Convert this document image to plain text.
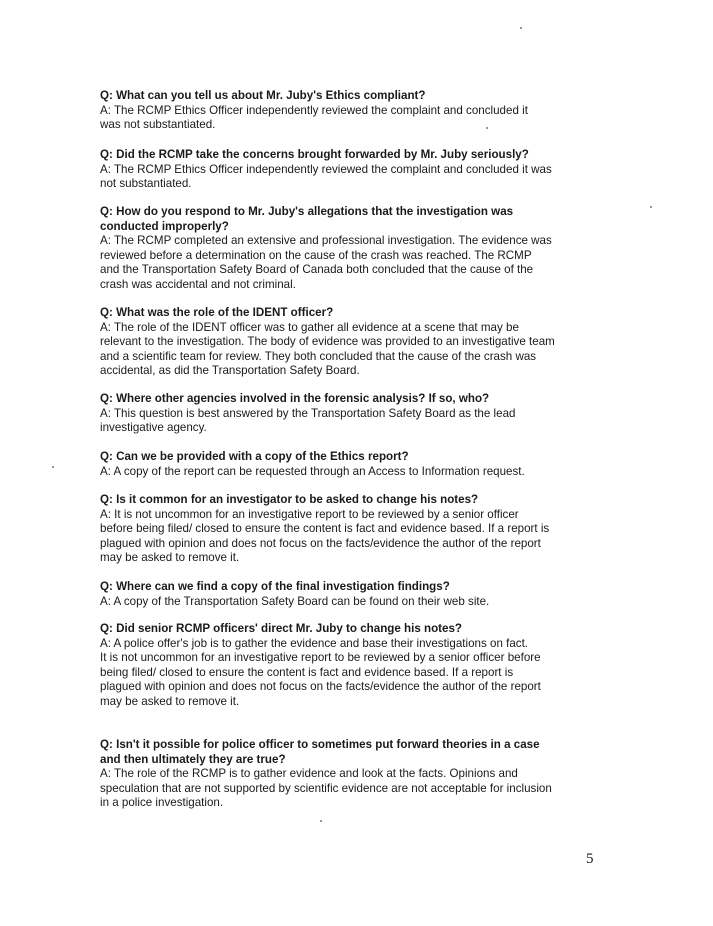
Q: What can you tell us about Mr. Juby's Ethics compliant?

A: The RCMP Ethics Officer independently reviewed the complaint and concluded it
was not substantiated.

Q: Did the RCMP take the concerns brought forwarded by Mr. Juby seriously?

A: The RCMP Ethics Officer independently reviewed the complaint and concluded it was
not substantiated.

Q: How do you respond to Mr. Juby's allegations that the investigation was
conducted improperly?

A: The RCMP completed an extensive and professional investigation. The evidence was
reviewed before a determination on the cause of the crash was reached. The RCMP
and the Transportation Safety Board of Canada both concluded that the cause of the
crash was accidental and not criminal.

Q: What was the role of the IDENT officer?

A: The role of the IDENT officer was to gather all evidence at a scene that may be
relevant to the investigation. The body of evidence was provided to an investigative team
and a scientific team for review. They both concluded that the cause of the crash was
accidental, as did the Transportation Safety Board.

Q: Where other agencies involved in the forensic analysis? If so, who?

A: This question is best answered by the Transportation Safety Board as the lead
investigative agency.

Q: Can we be provided with a copy of the Ethics report?

A: A copy of the report can be requested through an Access to Information request.

Q: Is it common for an investigator to be asked to change his notes?

A: It is not uncommon for an investigative report to be reviewed by a senior officer
before being filed/ closed to ensure the content is fact and evidence based. If a report is
plagued with opinion and does not focus on the facts/evidence the author of the report
may be asked to remove it.

Q: Where can we find a copy of the final investigation findings?

A: A copy of the Transportation Safety Board can be found on their web site.

Q: Did senior RCMP officers' direct Mr. Juby to change his notes?

A: A police offer's job is to gather the evidence and base their investigations on fact.
It is not uncommon for an investigative report to be reviewed by a senior officer before
being filed/ closed to ensure the content is fact and evidence based. If a report is
plagued with opinion and does not focus on the facts/evidence the author of the report
may be asked to remove it.

Q: Isn't it possible for police officer to sometimes put forward theories in a case
and then ultimately they are true?

A: The role of the RCMP is to gather evidence and look at the facts. Opinions and
speculation that are not supported by scientific evidence are not acceptable for inclusion
in a police investigation.

5
